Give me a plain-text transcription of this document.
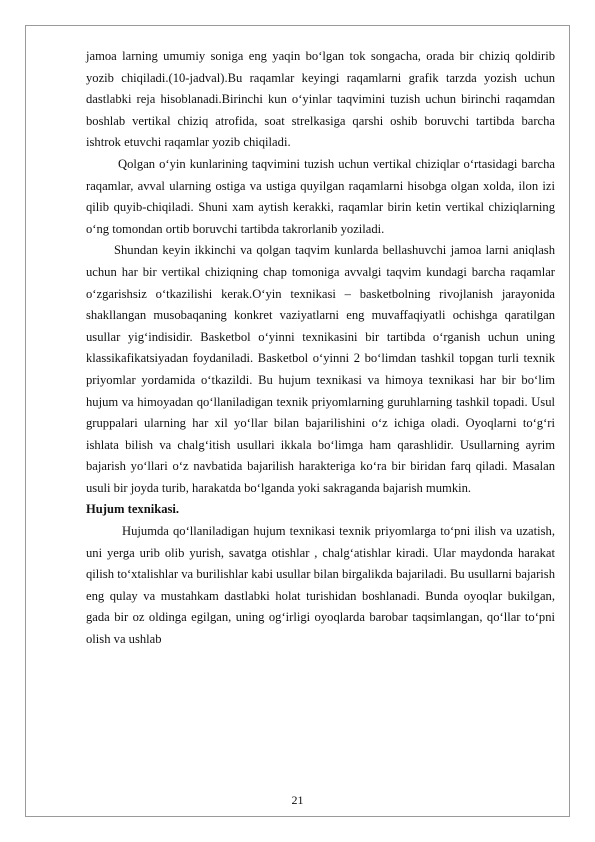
jamoa larning umumiy soniga eng yaqin bo‘lgan tok songacha, orada bir chiziq qoldirib yozib chiqiladi.(10-jadval).Bu raqamlar keyingi raqamlarni grafik tarzda yozish uchun dastlabki reja hisoblanadi.Birinchi kun o‘yinlar taqvimini tuzish uchun birinchi raqamdan boshlab vertikal chiziq atrofida, soat strelkasiga qarshi oshib boruvchi tartibda barcha ishtrok etuvchi raqamlar yozib chiqiladi.

Qolgan o‘yin kunlarining taqvimini tuzish uchun vertikal chiziqlar o‘rtasidagi barcha raqamlar, avval ularning ostiga va ustiga quyilgan raqamlarni hisobga olgan xolda, ilon izi qilib quyib-chiqiladi. Shuni xam aytish kerakki, raqamlar birin ketin vertikal chiziqlarning o‘ng tomondan ortib boruvchi tartibda takrorlanib yoziladi.

Shundan keyin ikkinchi va qolgan taqvim kunlarda bellashuvchi jamoa larni aniqlash uchun har bir vertikal chiziqning chap tomoniga avvalgi taqvim kundagi barcha raqamlar o‘zgarishsiz o‘tkazilishi kerak.O‘yin texnikasi – basketbolning rivojlanish jarayonida shakllangan musobaqaning konkret vaziyatlarni eng muvaffaqiyatli ochishga qaratilgan usullar yig‘indisidir. Basketbol o‘yinni texnikasini bir tartibda o‘rganish uchun uning klassikafikatsiyadan foydaniladi. Basketbol o‘yinni 2 bo‘limdan tashkil topgan turli texnik priyomlar yordamida o‘tkazildi. Bu hujum texnikasi va himoya texnikasi har bir bo‘lim hujum va himoyadan qo‘llaniladigan texnik priyomlarning guruhlarning tashkil topadi. Usul gruppalari ularning har xil yo‘llar bilan bajarilishini o‘z ichiga oladi. Oyoqlarni to‘g‘ri ishlata bilish va chalg‘itish usullari ikkala bo‘limga ham qarashlidir. Usullarning ayrim bajarish yo‘llari o‘z navbatida bajarilish harakteriga ko‘ra bir biridan farq qiladi. Masalan usuli bir joyda turib, harakatda bo‘lganda yoki sakraganda bajarish mumkin.

Hujum texnikasi.

Hujumda qo‘llaniladigan hujum texnikasi texnik priyomlarga to‘pni ilish va uzatish, uni yerga urib olib yurish, savatga otishlar , chalg‘atishlar kiradi. Ular maydonda harakat qilish to‘xtalishlar va burilishlar kabi usullar bilan birgalikda bajariladi. Bu usullarni bajarish eng qulay va mustahkam dastlabki holat turishidan boshlanadi. Bunda oyoqlar bukilgan, gada bir oz oldinga egilgan, uning og‘irligi oyoqlarda barobar taqsimlangan, qo‘llar to‘pni olish va ushlab

21
